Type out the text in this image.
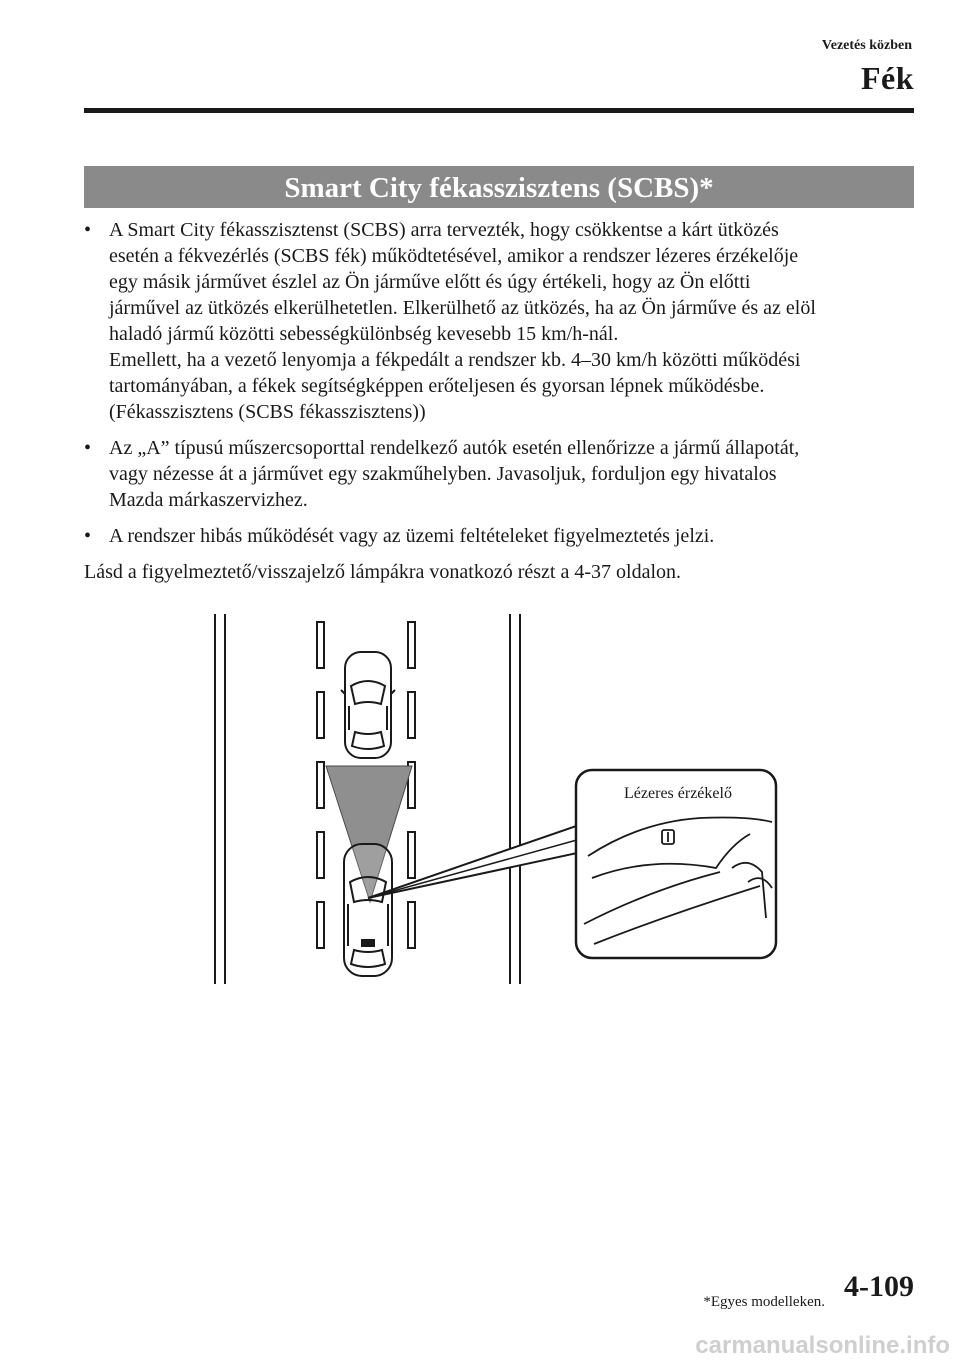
Vezetés közben
Fék
Smart City fékasszisztens (SCBS)*
• A Smart City fékasszisztenst (SCBS) arra tervezték, hogy csökkentse a kárt ütközés

esetén a fékvezérlés (SCBS fék) működtetésével, amikor a rendszer lézeres érzékelője

egy másik járművet észlel az Ön járműve előtt és úgy értékeli, hogy az Ön előtti

járművel az ütközés elkerülhetetlen. Elkerülhető az ütközés, ha az Ön járműve és az elöl

haladó jármű közötti sebességkülönbség kevesebb 15 km/h-nál.

Emellett, ha a vezető lenyomja a fékpedált a rendszer kb. 4–30 km/h közötti működési

tartományában, a fékek segítségképpen erőteljesen és gyorsan lépnek működésbe.

(Fékasszisztens (SCBS fékasszisztens))

• Az „A” típusú műszercsoporttal rendelkező autók esetén ellenőrizze a jármű állapotát,

vagy nézesse át a járművet egy szakműhelyben. Javasoljuk, forduljon egy hivatalos

Mazda márkaszervizhez.

• A rendszer hibás működését vagy az üzemi feltételeket figyelmeztetés jelzi.

Lásd a figyelmeztető/visszajelző lámpákra vonatkozó részt a 4-37 oldalon.

Lézeres érzékelő
*Egyes modelleken. 4-109
carmanualsonline.info
